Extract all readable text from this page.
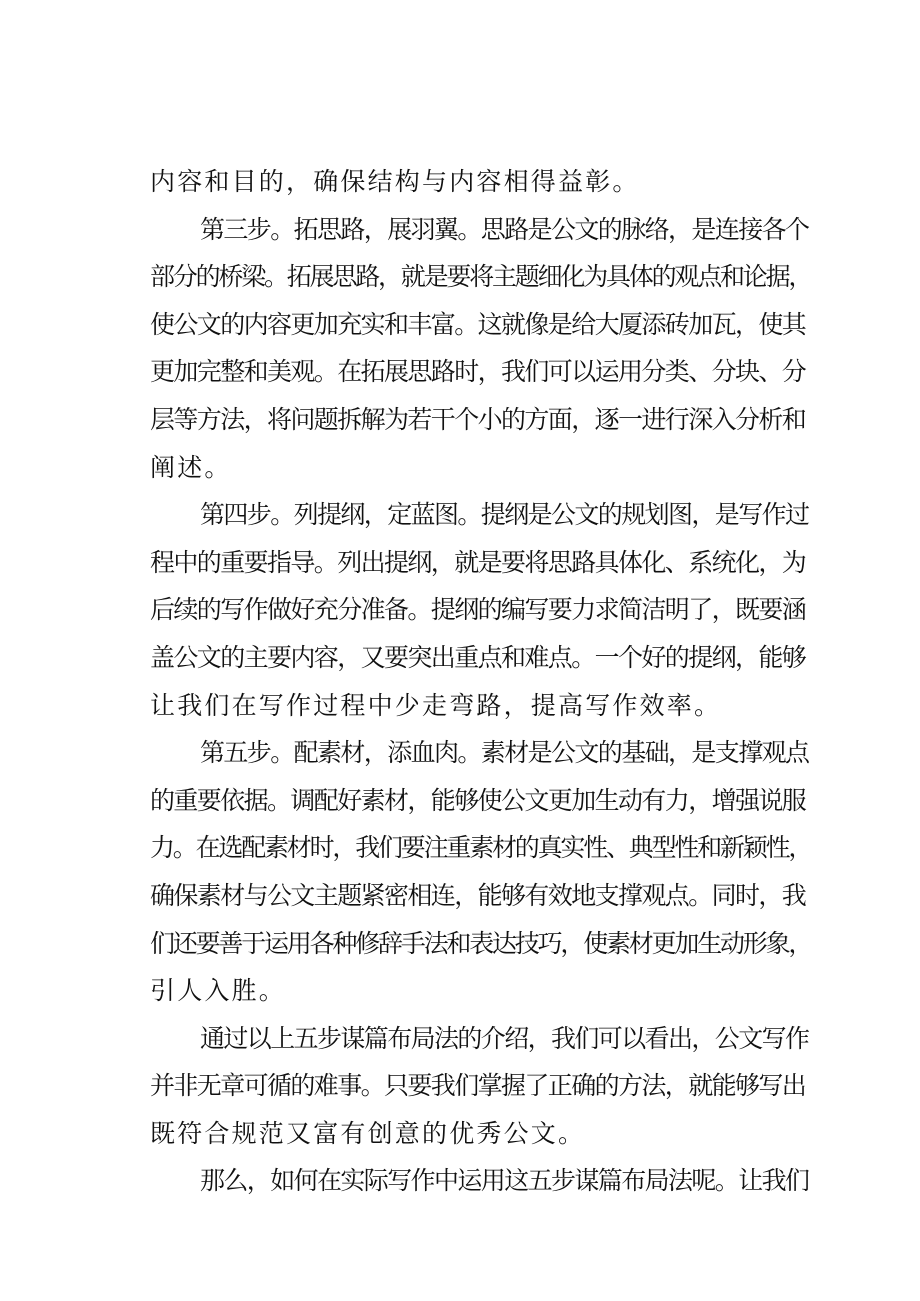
内容和目的，确保结构与内容相得益彰。
第三步。拓思路，展羽翼。思路是公文的脉络，是连接各个
部分的桥梁。拓展思路，就是要将主题细化为具体的观点和论据，
使公文的内容更加充实和丰富。这就像是给大厦添砖加瓦，使其
更加完整和美观。在拓展思路时，我们可以运用分类、分块、分
层等方法，将问题拆解为若干个小的方面，逐一进行深入分析和
阐述。
第四步。列提纲，定蓝图。提纲是公文的规划图，是写作过
程中的重要指导。列出提纲，就是要将思路具体化、系统化，为
后续的写作做好充分准备。提纲的编写要力求简洁明了，既要涵
盖公文的主要内容，又要突出重点和难点。一个好的提纲，能够
让我们在写作过程中少走弯路，提高写作效率。
第五步。配素材，添血肉。素材是公文的基础，是支撑观点
的重要依据。调配好素材，能够使公文更加生动有力，增强说服
力。在选配素材时，我们要注重素材的真实性、典型性和新颖性，
确保素材与公文主题紧密相连，能够有效地支撑观点。同时，我
们还要善于运用各种修辞手法和表达技巧，使素材更加生动形象，
引人入胜。
通过以上五步谋篇布局法的介绍，我们可以看出，公文写作
并非无章可循的难事。只要我们掌握了正确的方法，就能够写出
既符合规范又富有创意的优秀公文。
那么，如何在实际写作中运用这五步谋篇布局法呢。让我们
